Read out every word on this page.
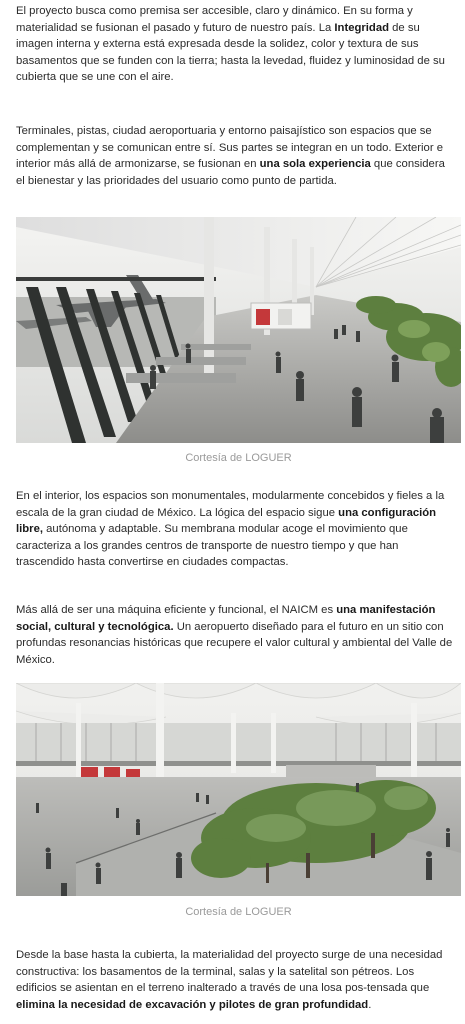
El proyecto busca como premisa ser accesible, claro y dinámico. En su forma y materialidad se fusionan el pasado y futuro de nuestro país. La Integridad de su imagen interna y externa está expresada desde la solidez, color y textura de sus basamentos que se funden con la tierra; hasta la levedad, fluidez y luminosidad de su cubierta que se une con el aire.

Terminales, pistas, ciudad aeroportuaria y entorno paisajístico son espacios que se complementan y se comunican entre sí. Sus partes se integran en un todo. Exterior e interior más allá de armonizarse, se fusionan en una sola experiencia que considera el bienestar y las prioridades del usuario como punto de partida.

Cortesía de LOGUER

En el interior, los espacios son monumentales, modularmente concebidos y fieles a la escala de la gran ciudad de México. La lógica del espacio sigue una configuración libre, autónoma y adaptable. Su membrana modular acoge el movimiento que caracteriza a los grandes centros de transporte de nuestro tiempo y que han trascendido hasta convertirse en ciudades compactas.

Más allá de ser una máquina eficiente y funcional, el NAICM es una manifestación social, cultural y tecnológica. Un aeropuerto diseñado para el futuro en un sitio con profundas resonancias históricas que recupere el valor cultural y ambiental del Valle de México.

Cortesía de LOGUER

Desde la base hasta la cubierta, la materialidad del proyecto surge de una necesidad constructiva: los basamentos de la terminal, salas y la satelital son pétreos. Los edificios se asientan en el terreno inalterado a través de una losa pos-tensada que elimina la necesidad de excavación y pilotes de gran profundidad.
